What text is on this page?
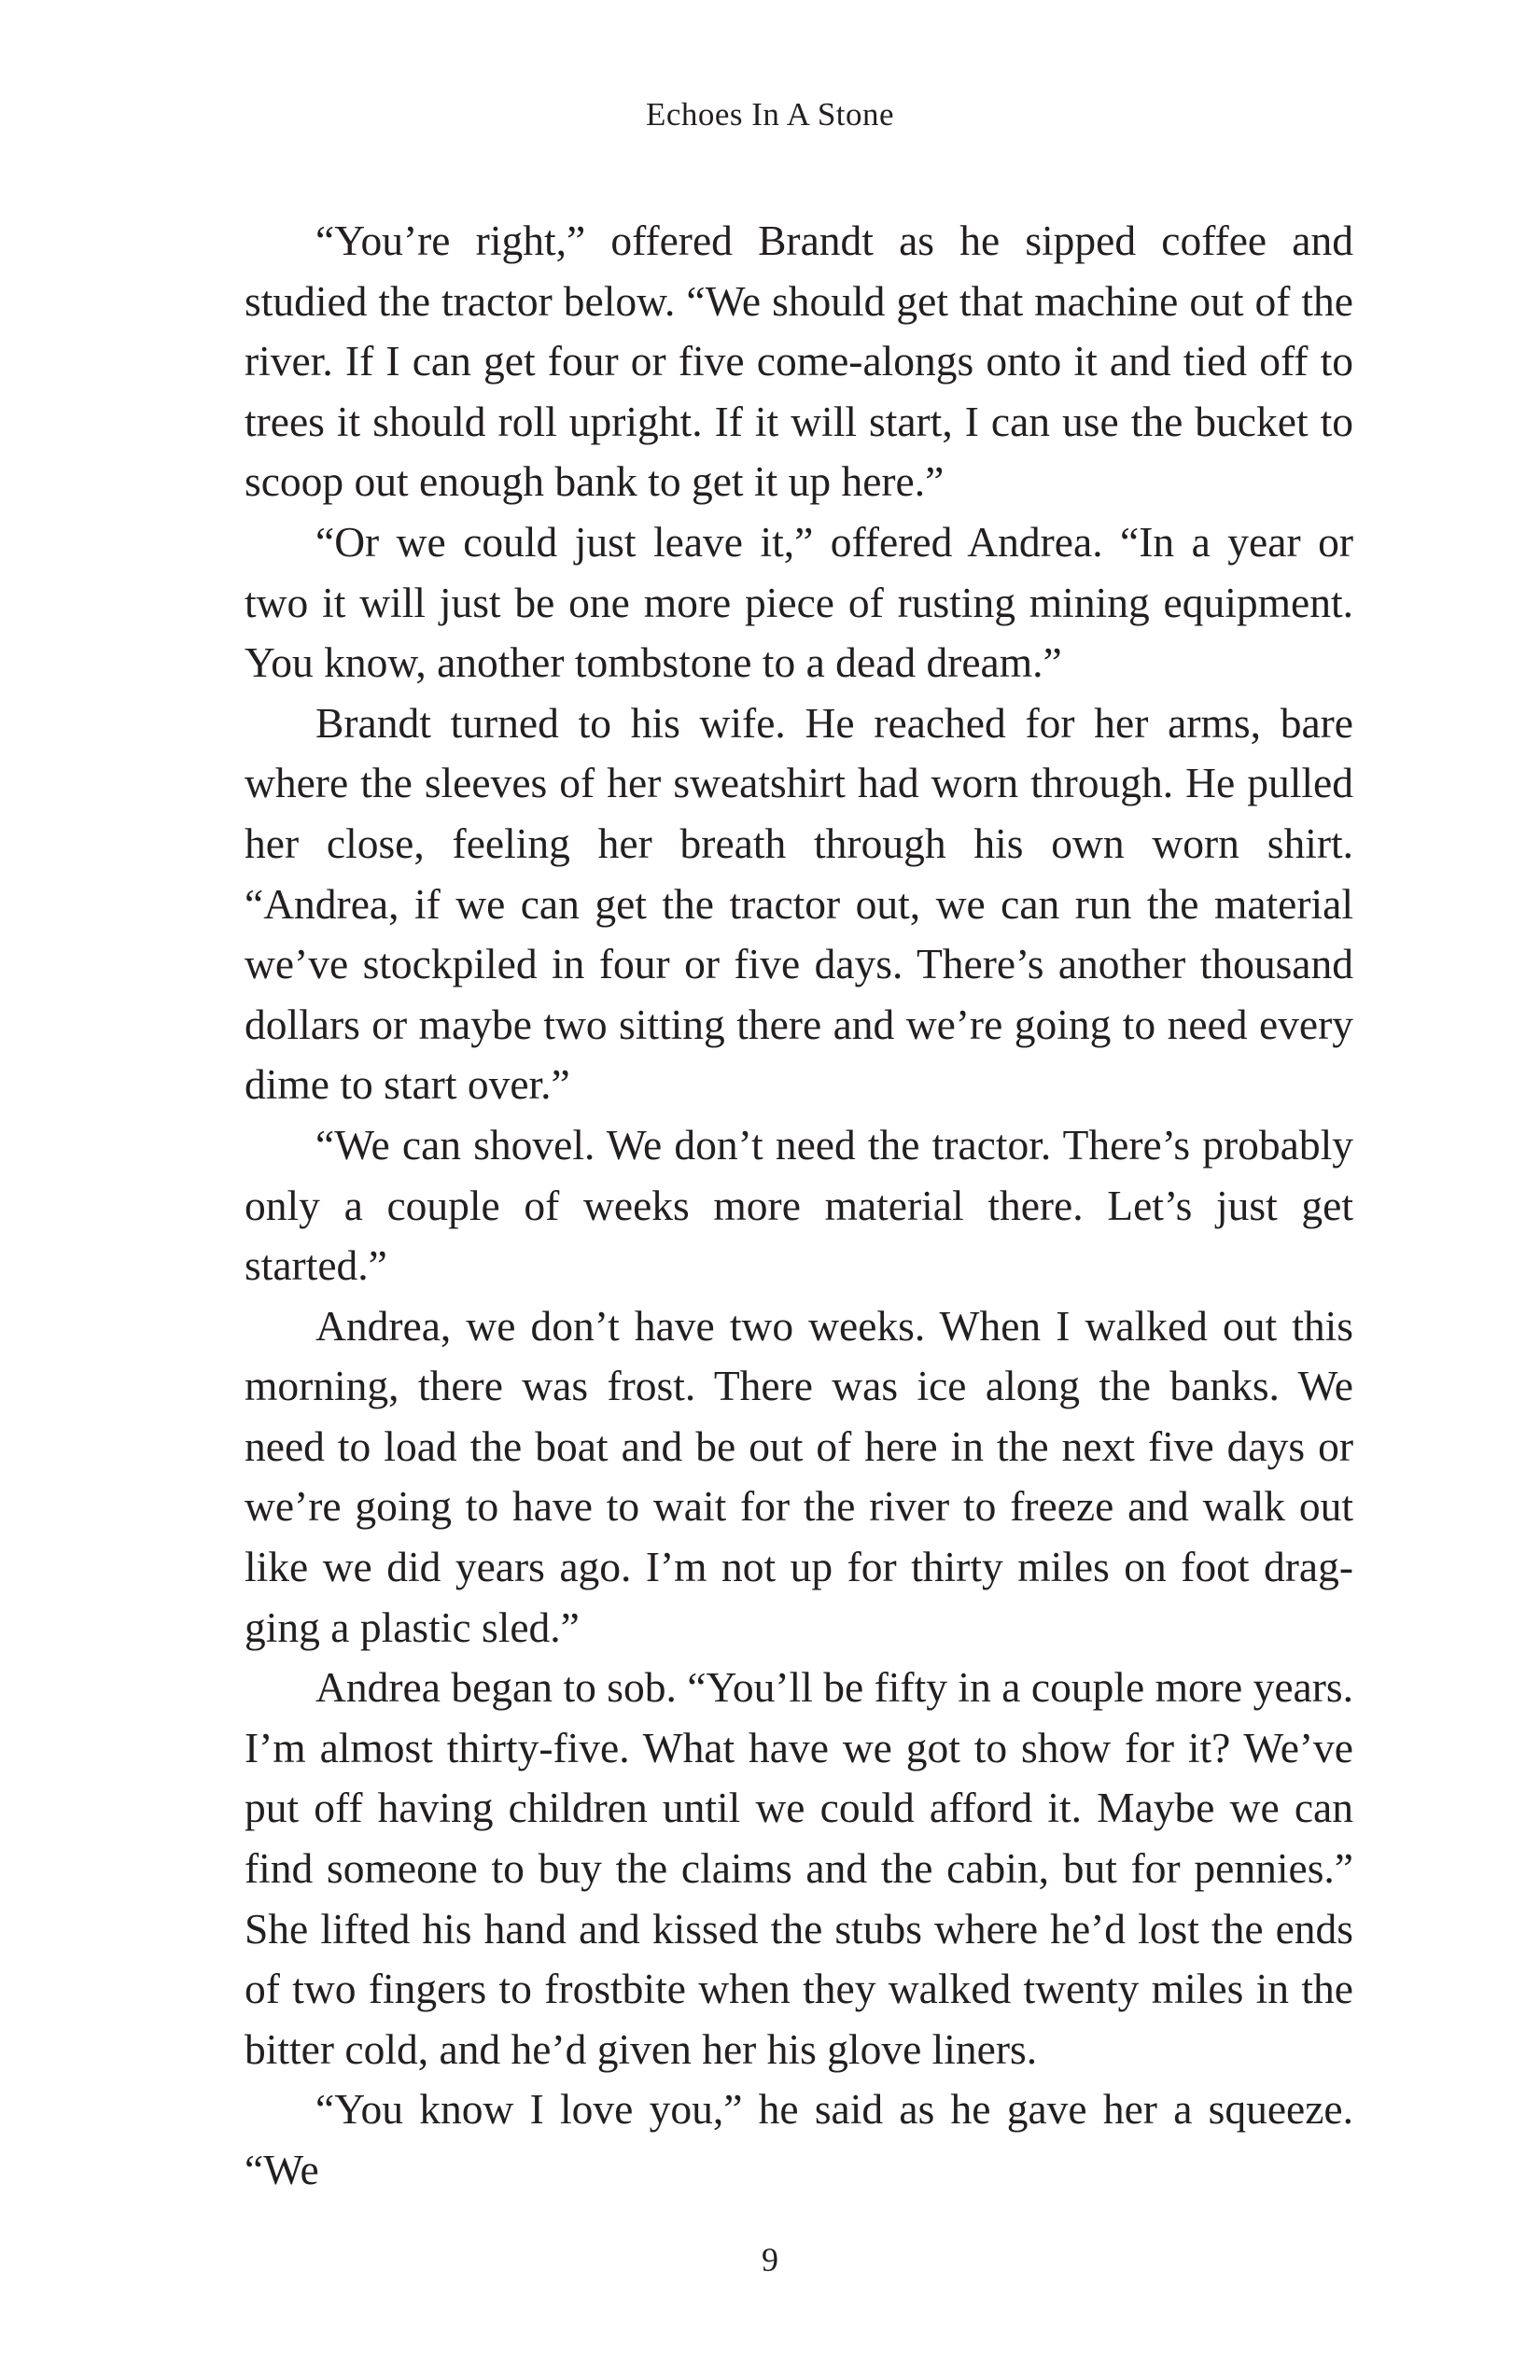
Echoes In A Stone

“You’re right,” offered Brandt as he sipped coffee and studied the tractor below. “We should get that machine out of the river. If I can get four or five come-alongs onto it and tied off to trees it should roll upright. If it will start, I can use the bucket to scoop out enough bank to get it up here.”

“Or we could just leave it,” offered Andrea. “In a year or two it will just be one more piece of rusting mining equipment. You know, another tombstone to a dead dream.”

Brandt turned to his wife. He reached for her arms, bare where the sleeves of her sweatshirt had worn through. He pulled her close, feeling her breath through his own worn shirt. “Andrea, if we can get the tractor out, we can run the material we’ve stockpiled in four or five days. There’s another thousand dollars or maybe two sitting there and we’re going to need every dime to start over.”

“We can shovel. We don’t need the tractor. There’s probably only a couple of weeks more material there. Let’s just get started.”

Andrea, we don’t have two weeks. When I walked out this morning, there was frost. There was ice along the banks. We need to load the boat and be out of here in the next five days or we’re going to have to wait for the river to freeze and walk out like we did years ago. I’m not up for thirty miles on foot dragging a plastic sled.”

Andrea began to sob. “You’ll be fifty in a couple more years. I’m almost thirty-five. What have we got to show for it? We’ve put off having children until we could afford it. Maybe we can find someone to buy the claims and the cabin, but for pennies.” She lifted his hand and kissed the stubs where he’d lost the ends of two fingers to frostbite when they walked twenty miles in the bitter cold, and he’d given her his glove liners.

“You know I love you,” he said as he gave her a squeeze. “We

9
